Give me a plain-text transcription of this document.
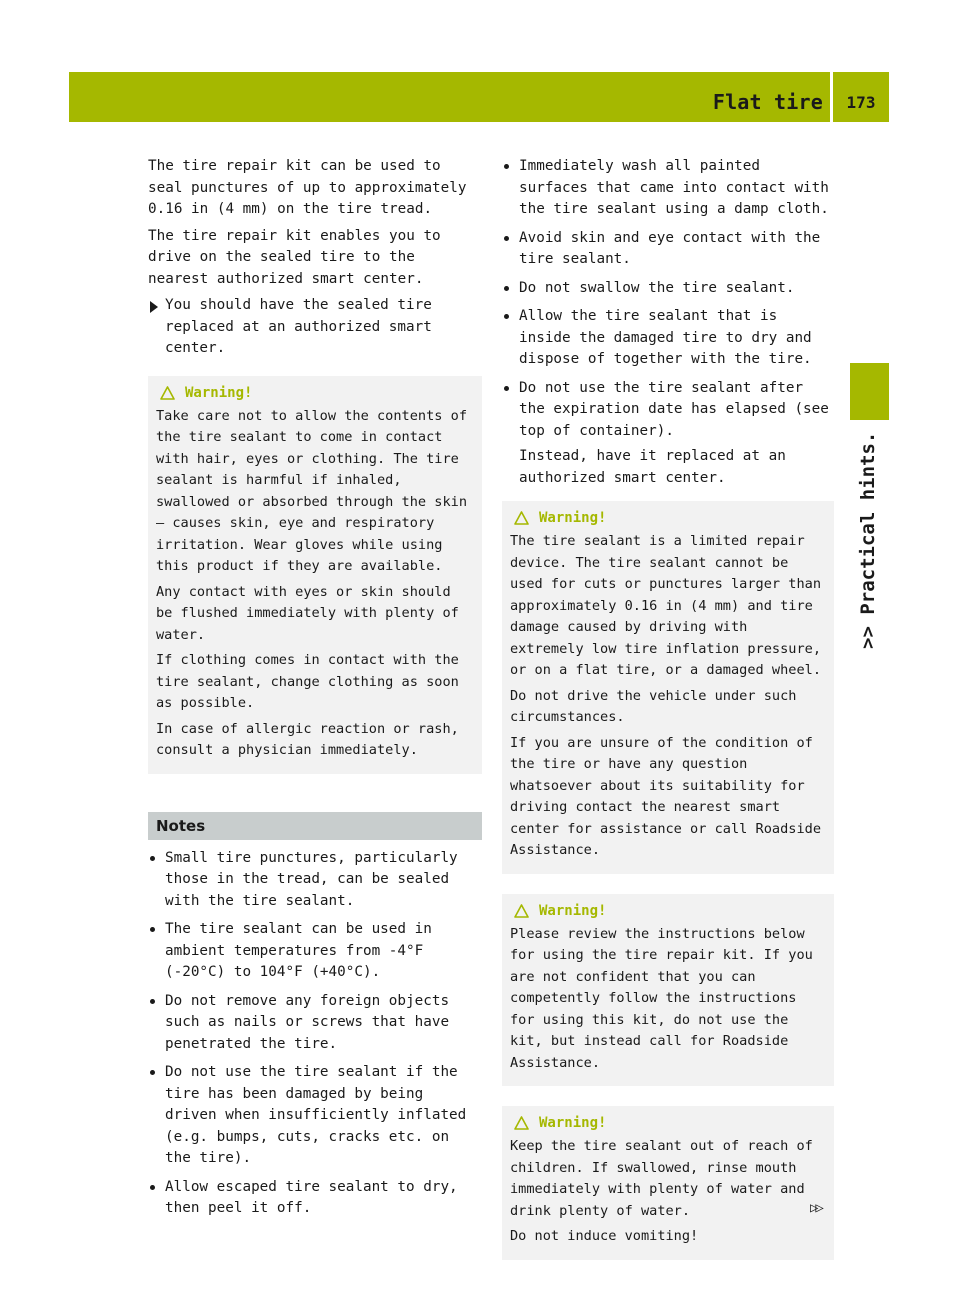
Flat tire	173
>> Practical hints.

The tire repair kit can be used to seal punctures of up to approximately 0.16 in (4 mm) on the tire tread.

The tire repair kit enables you to drive on the sealed tire to the nearest authorized smart center.

You should have the sealed tire replaced at an authorized smart center.

Warning!

Take care not to allow the contents of the tire sealant to come in contact with hair, eyes or clothing. The tire sealant is harmful if inhaled, swallowed or absorbed through the skin – causes skin, eye and respiratory irritation. Wear gloves while using this product if they are available.

Any contact with eyes or skin should be flushed immediately with plenty of water.

If clothing comes in contact with the tire sealant, change clothing as soon as possible.

In case of allergic reaction or rash, consult a physician immediately.

Notes

Small tire punctures, particularly those in the tread, can be sealed with the tire sealant.

The tire sealant can be used in ambient temperatures from -4°F (-20°C) to 104°F (+40°C).

Do not remove any foreign objects such as nails or screws that have penetrated the tire.

Do not use the tire sealant if the tire has been damaged by being driven when insufficiently inflated (e.g. bumps, cuts, cracks etc. on the tire).

Allow escaped tire sealant to dry, then peel it off.

Immediately wash all painted surfaces that came into contact with the tire sealant using a damp cloth.

Avoid skin and eye contact with the tire sealant.

Do not swallow the tire sealant.

Allow the tire sealant that is inside the damaged tire to dry and dispose of together with the tire.

Do not use the tire sealant after the expiration date has elapsed (see top of container).

Instead, have it replaced at an authorized smart center.

Warning!

The tire sealant is a limited repair device. The tire sealant cannot be used for cuts or punctures larger than approximately 0.16 in (4 mm) and tire damage caused by driving with extremely low tire inflation pressure, or on a flat tire, or a damaged wheel.

Do not drive the vehicle under such circumstances.

If you are unsure of the condition of the tire or have any question whatsoever about its suitability for driving contact the nearest smart center for assistance or call Roadside Assistance.

Warning!

Please review the instructions below for using the tire repair kit. If you are not confident that you can competently follow the instructions for using this kit, do not use the kit, but instead call for Roadside Assistance.

Warning!

Keep the tire sealant out of reach of children. If swallowed, rinse mouth immediately with plenty of water and drink plenty of water.

Do not induce vomiting!

▷▷
